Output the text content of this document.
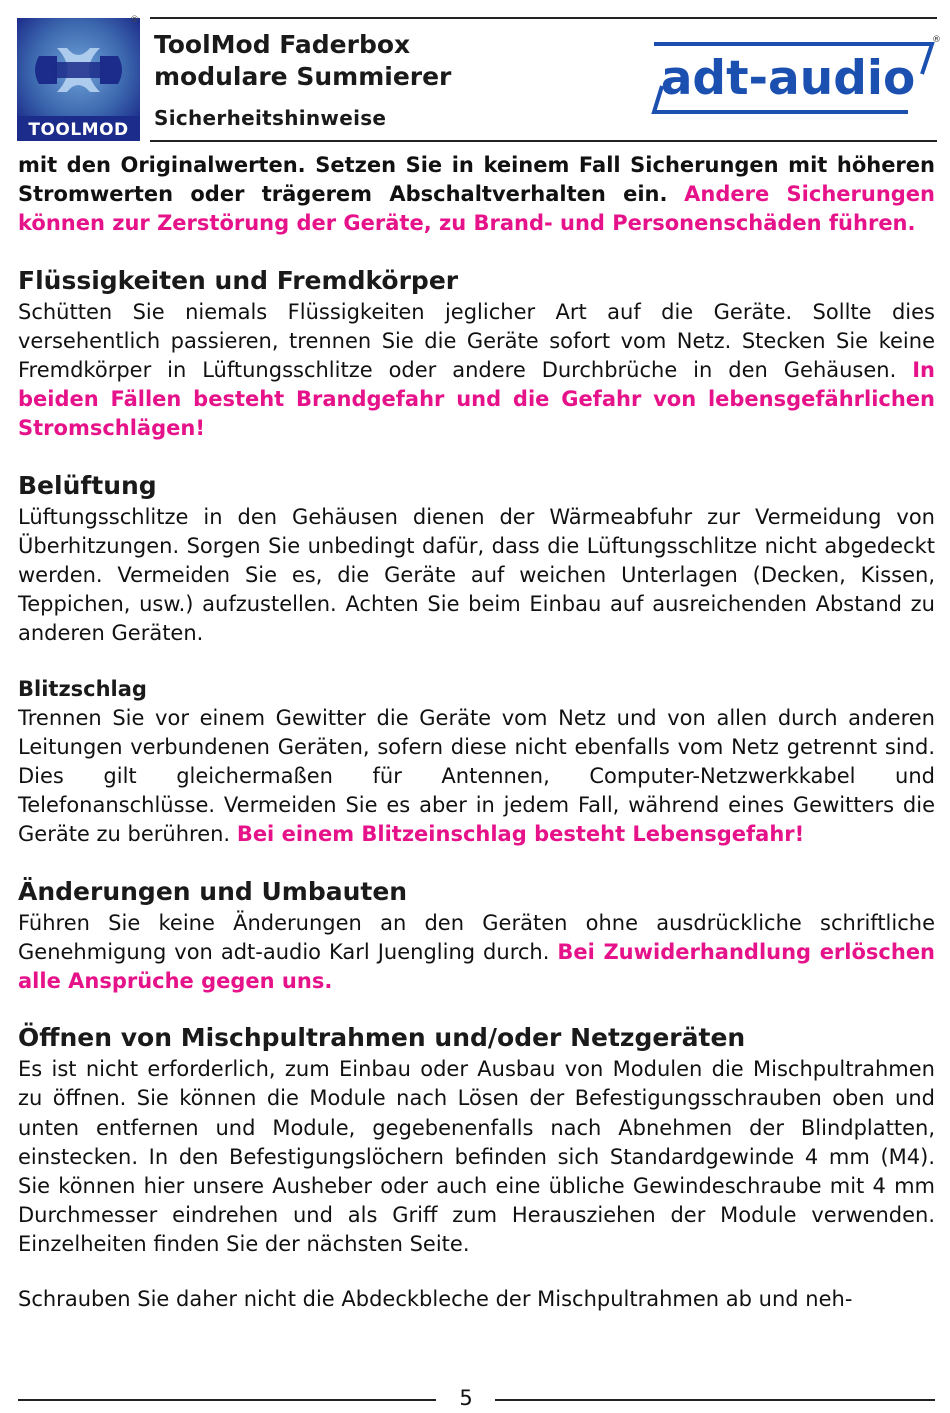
TOOLMOD
®
ToolMod Faderbox
modulare Summierer
Sicherheitshinweise
adt-audio
®

mit den Originalwerten. Setzen Sie in keinem Fall Sicherungen mit höheren Stromwerten oder trägerem Abschaltverhalten ein. Andere Sicherungen können zur Zerstörung der Geräte, zu Brand- und Personenschäden führen.

Flüssigkeiten und Fremdkörper

Schütten Sie niemals Flüssigkeiten jeglicher Art auf die Geräte. Sollte dies versehentlich passieren, trennen Sie die Geräte sofort vom Netz. Stecken Sie keine Fremdkörper in Lüftungsschlitze oder andere Durchbrüche in den Gehäusen. In beiden Fällen besteht Brandgefahr und die Gefahr von lebensgefährlichen Stromschlägen!

Belüftung

Lüftungsschlitze in den Gehäusen dienen der Wärmeabfuhr zur Vermeidung von Überhitzungen. Sorgen Sie unbedingt dafür, dass die Lüftungsschlitze nicht abgedeckt werden. Vermeiden Sie es, die Geräte auf weichen Unterlagen (Decken, Kissen, Teppichen, usw.) aufzustellen. Achten Sie beim Einbau auf ausreichenden Abstand zu anderen Geräten.

Blitzschlag

Trennen Sie vor einem Gewitter die Geräte vom Netz und von allen durch anderen Leitungen verbundenen Geräten, sofern diese nicht ebenfalls vom Netz getrennt sind. Dies gilt gleichermaßen für Antennen, Computer-Netzwerkkabel und Telefonanschlüsse. Vermeiden Sie es aber in jedem Fall, während eines Gewitters die Geräte zu berühren. Bei einem Blitzeinschlag besteht Lebensgefahr!

Änderungen und Umbauten

Führen Sie keine Änderungen an den Geräten ohne ausdrückliche schriftliche Genehmigung von adt-audio Karl Juengling durch. Bei Zuwiderhandlung erlöschen alle Ansprüche gegen uns.

Öffnen von Mischpultrahmen und/oder Netzgeräten

Es ist nicht erforderlich, zum Einbau oder Ausbau von Modulen die Mischpultrahmen zu öffnen. Sie können die Module nach Lösen der Befestigungsschrauben oben und unten entfernen und Module, gegebenenfalls nach Abnehmen der Blindplatten, einstecken. In den Befestigungslöchern befinden sich Standardgewinde 4 mm (M4). Sie können hier unsere Ausheber oder auch eine übliche Gewindeschraube mit 4 mm Durchmesser eindrehen und als Griff zum Herausziehen der Module verwenden. Einzelheiten finden Sie der nächsten Seite.

Schrauben Sie daher nicht die Abdeckbleche der Mischpultrahmen ab und neh-

5
